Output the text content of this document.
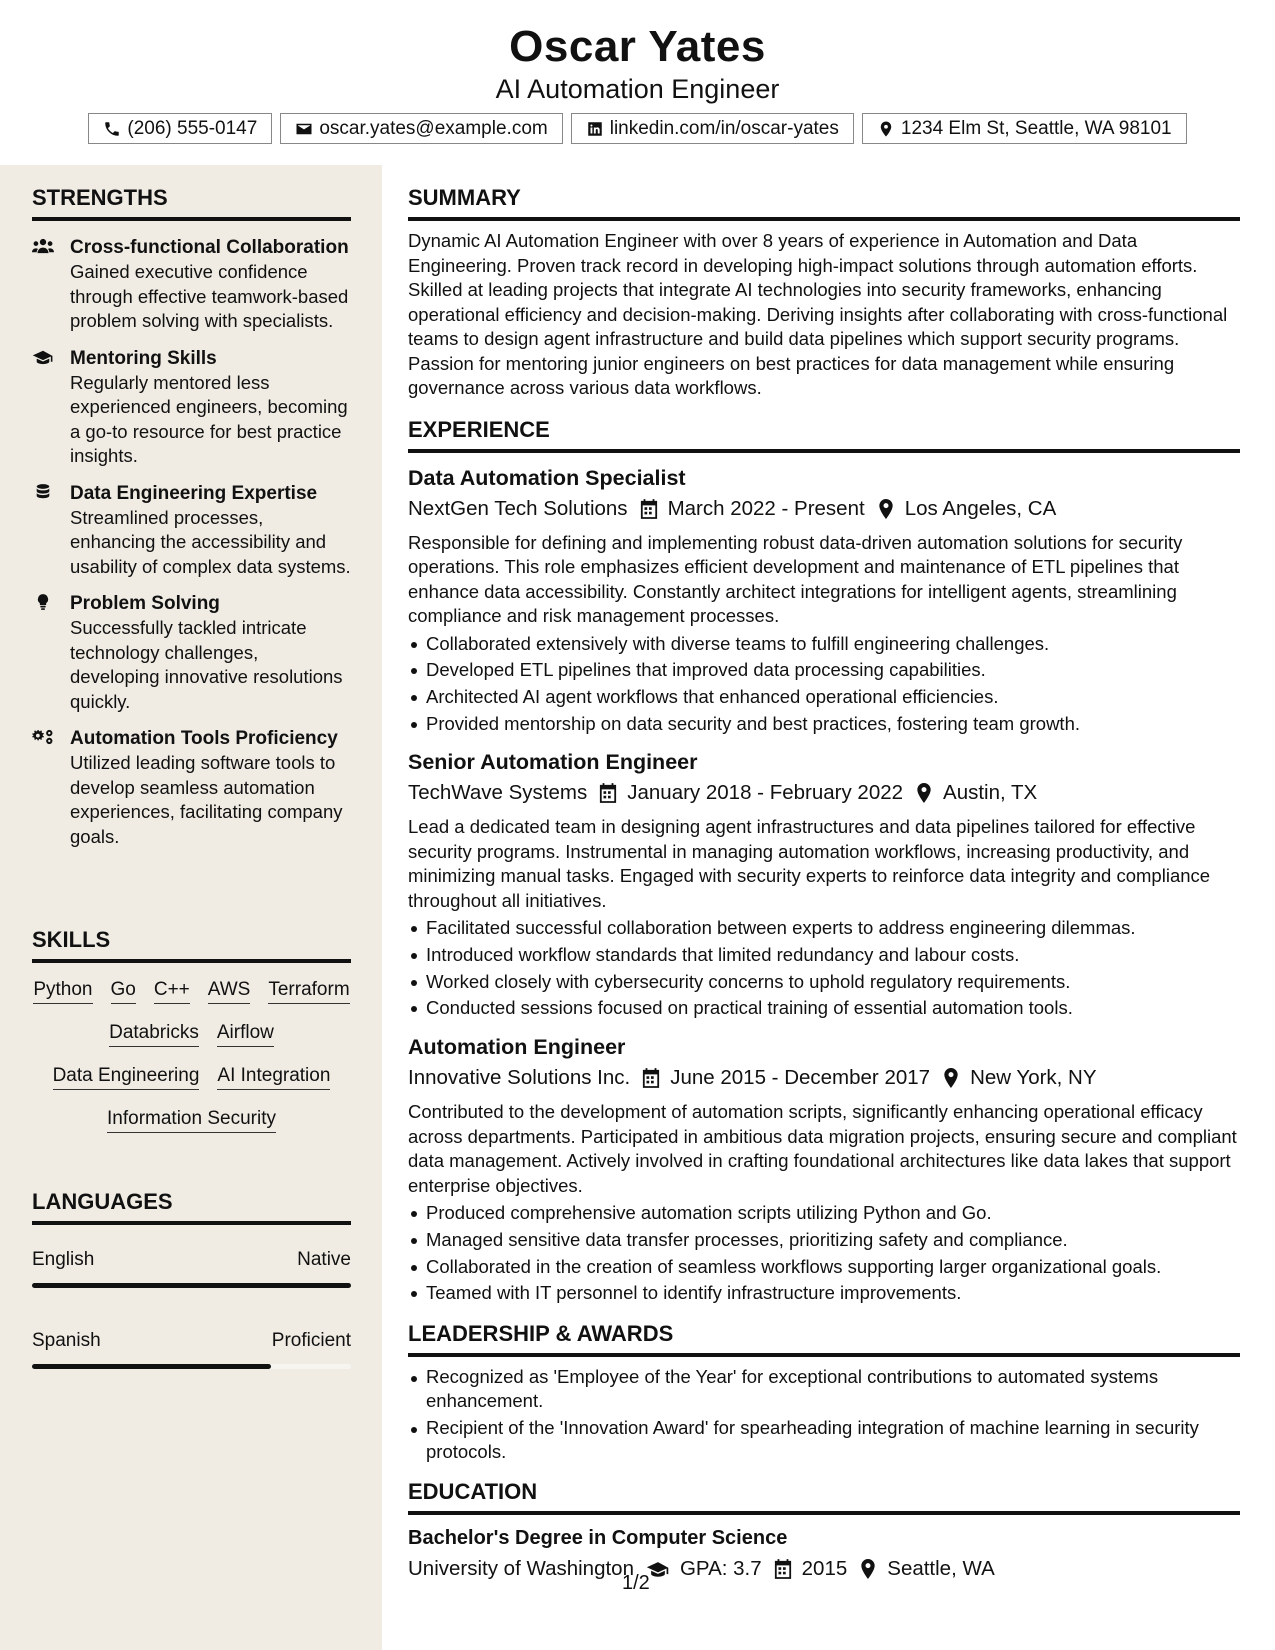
Oscar Yates
AI Automation Engineer
(206) 555-0147	oscar.yates@example.com	linkedin.com/in/oscar-yates	1234 Elm St, Seattle, WA 98101
STRENGTHS
Cross-functional Collaboration
Gained executive confidence through effective teamwork-based problem solving with specialists.
Mentoring Skills
Regularly mentored less experienced engineers, becoming a go-to resource for best practice insights.
Data Engineering Expertise
Streamlined processes, enhancing the accessibility and usability of complex data systems.
Problem Solving
Successfully tackled intricate technology challenges, developing innovative resolutions quickly.
Automation Tools Proficiency
Utilized leading software tools to develop seamless automation experiences, facilitating company goals.
SKILLS
Python Go C++ AWS Terraform
Databricks Airflow
Data Engineering AI Integration
Information Security
LANGUAGES
English	Native
Spanish	Proficient
SUMMARY
Dynamic AI Automation Engineer with over 8 years of experience in Automation and Data Engineering. Proven track record in developing high-impact solutions through automation efforts. Skilled at leading projects that integrate AI technologies into security frameworks, enhancing operational efficiency and decision-making. Deriving insights after collaborating with cross-functional teams to design agent infrastructure and build data pipelines which support security programs. Passion for mentoring junior engineers on best practices for data management while ensuring governance across various data workflows.
EXPERIENCE
Data Automation Specialist
NextGen Tech Solutions March 2022 - Present Los Angeles, CA
Responsible for defining and implementing robust data-driven automation solutions for security operations. This role emphasizes efficient development and maintenance of ETL pipelines that enhance data accessibility. Constantly architect integrations for intelligent agents, streamlining compliance and risk management processes.
Collaborated extensively with diverse teams to fulfill engineering challenges.
Developed ETL pipelines that improved data processing capabilities.
Architected AI agent workflows that enhanced operational efficiencies.
Provided mentorship on data security and best practices, fostering team growth.
Senior Automation Engineer
TechWave Systems January 2018 - February 2022 Austin, TX
Lead a dedicated team in designing agent infrastructures and data pipelines tailored for effective security programs. Instrumental in managing automation workflows, increasing productivity, and minimizing manual tasks. Engaged with security experts to reinforce data integrity and compliance throughout all initiatives.
Facilitated successful collaboration between experts to address engineering dilemmas.
Introduced workflow standards that limited redundancy and labour costs.
Worked closely with cybersecurity concerns to uphold regulatory requirements.
Conducted sessions focused on practical training of essential automation tools.
Automation Engineer
Innovative Solutions Inc. June 2015 - December 2017 New York, NY
Contributed to the development of automation scripts, significantly enhancing operational efficacy across departments. Participated in ambitious data migration projects, ensuring secure and compliant data management. Actively involved in crafting foundational architectures like data lakes that support enterprise objectives.
Produced comprehensive automation scripts utilizing Python and Go.
Managed sensitive data transfer processes, prioritizing safety and compliance.
Collaborated in the creation of seamless workflows supporting larger organizational goals.
Teamed with IT personnel to identify infrastructure improvements.
LEADERSHIP & AWARDS
Recognized as 'Employee of the Year' for exceptional contributions to automated systems enhancement.
Recipient of the 'Innovation Award' for spearheading integration of machine learning in security protocols.
EDUCATION
Bachelor's Degree in Computer Science
University of Washington GPA: 3.7 2015 Seattle, WA
1/2
